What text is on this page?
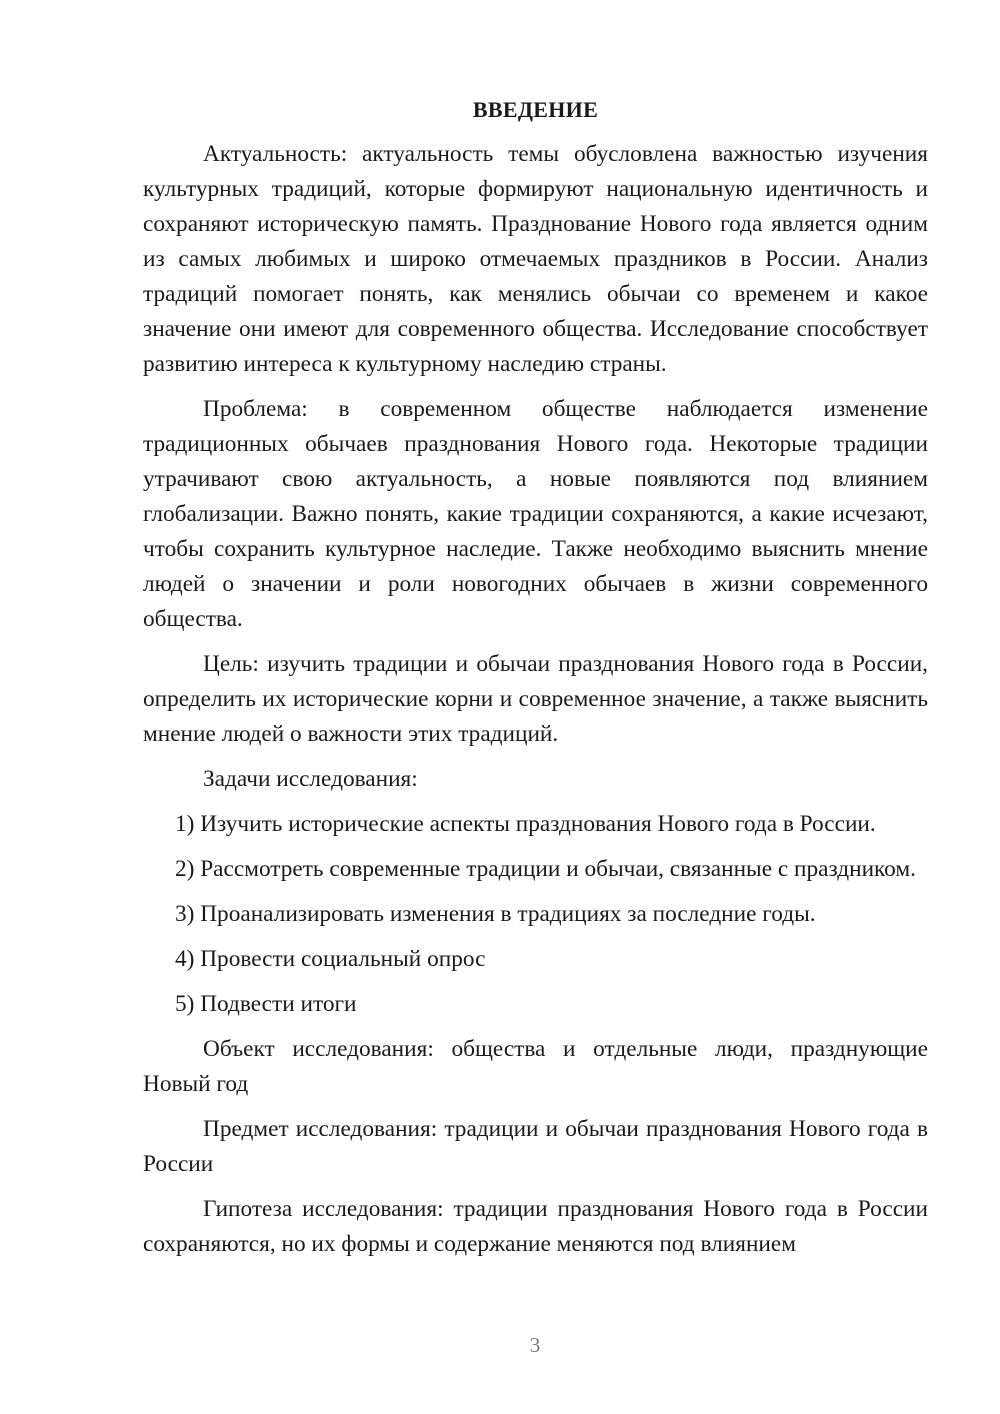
ВВЕДЕНИЕ

Актуальность: актуальность темы обусловлена важностью изучения культурных традиций, которые формируют национальную идентичность и сохраняют историческую память. Празднование Нового года является одним из самых любимых и широко отмечаемых праздников в России. Анализ традиций помогает понять, как менялись обычаи со временем и какое значение они имеют для современного общества. Исследование способствует развитию интереса к культурному наследию страны.

Проблема: в современном обществе наблюдается изменение традиционных обычаев празднования Нового года. Некоторые традиции утрачивают свою актуальность, а новые появляются под влиянием глобализации. Важно понять, какие традиции сохраняются, а какие исчезают, чтобы сохранить культурное наследие. Также необходимо выяснить мнение людей о значении и роли новогодних обычаев в жизни современного общества.

Цель: изучить традиции и обычаи празднования Нового года в России, определить их исторические корни и современное значение, а также выяснить мнение людей о важности этих традиций.

Задачи исследования:

1) Изучить исторические аспекты празднования Нового года в России.

2) Рассмотреть современные традиции и обычаи, связанные с праздником.

3) Проанализировать изменения в традициях за последние годы.

4) Провести социальный опрос

5) Подвести итоги

Объект исследования: общества и отдельные люди, празднующие Новый год

Предмет исследования: традиции и обычаи празднования Нового года в России

Гипотеза исследования: традиции празднования Нового года в России сохраняются, но их формы и содержание меняются под влиянием

3
